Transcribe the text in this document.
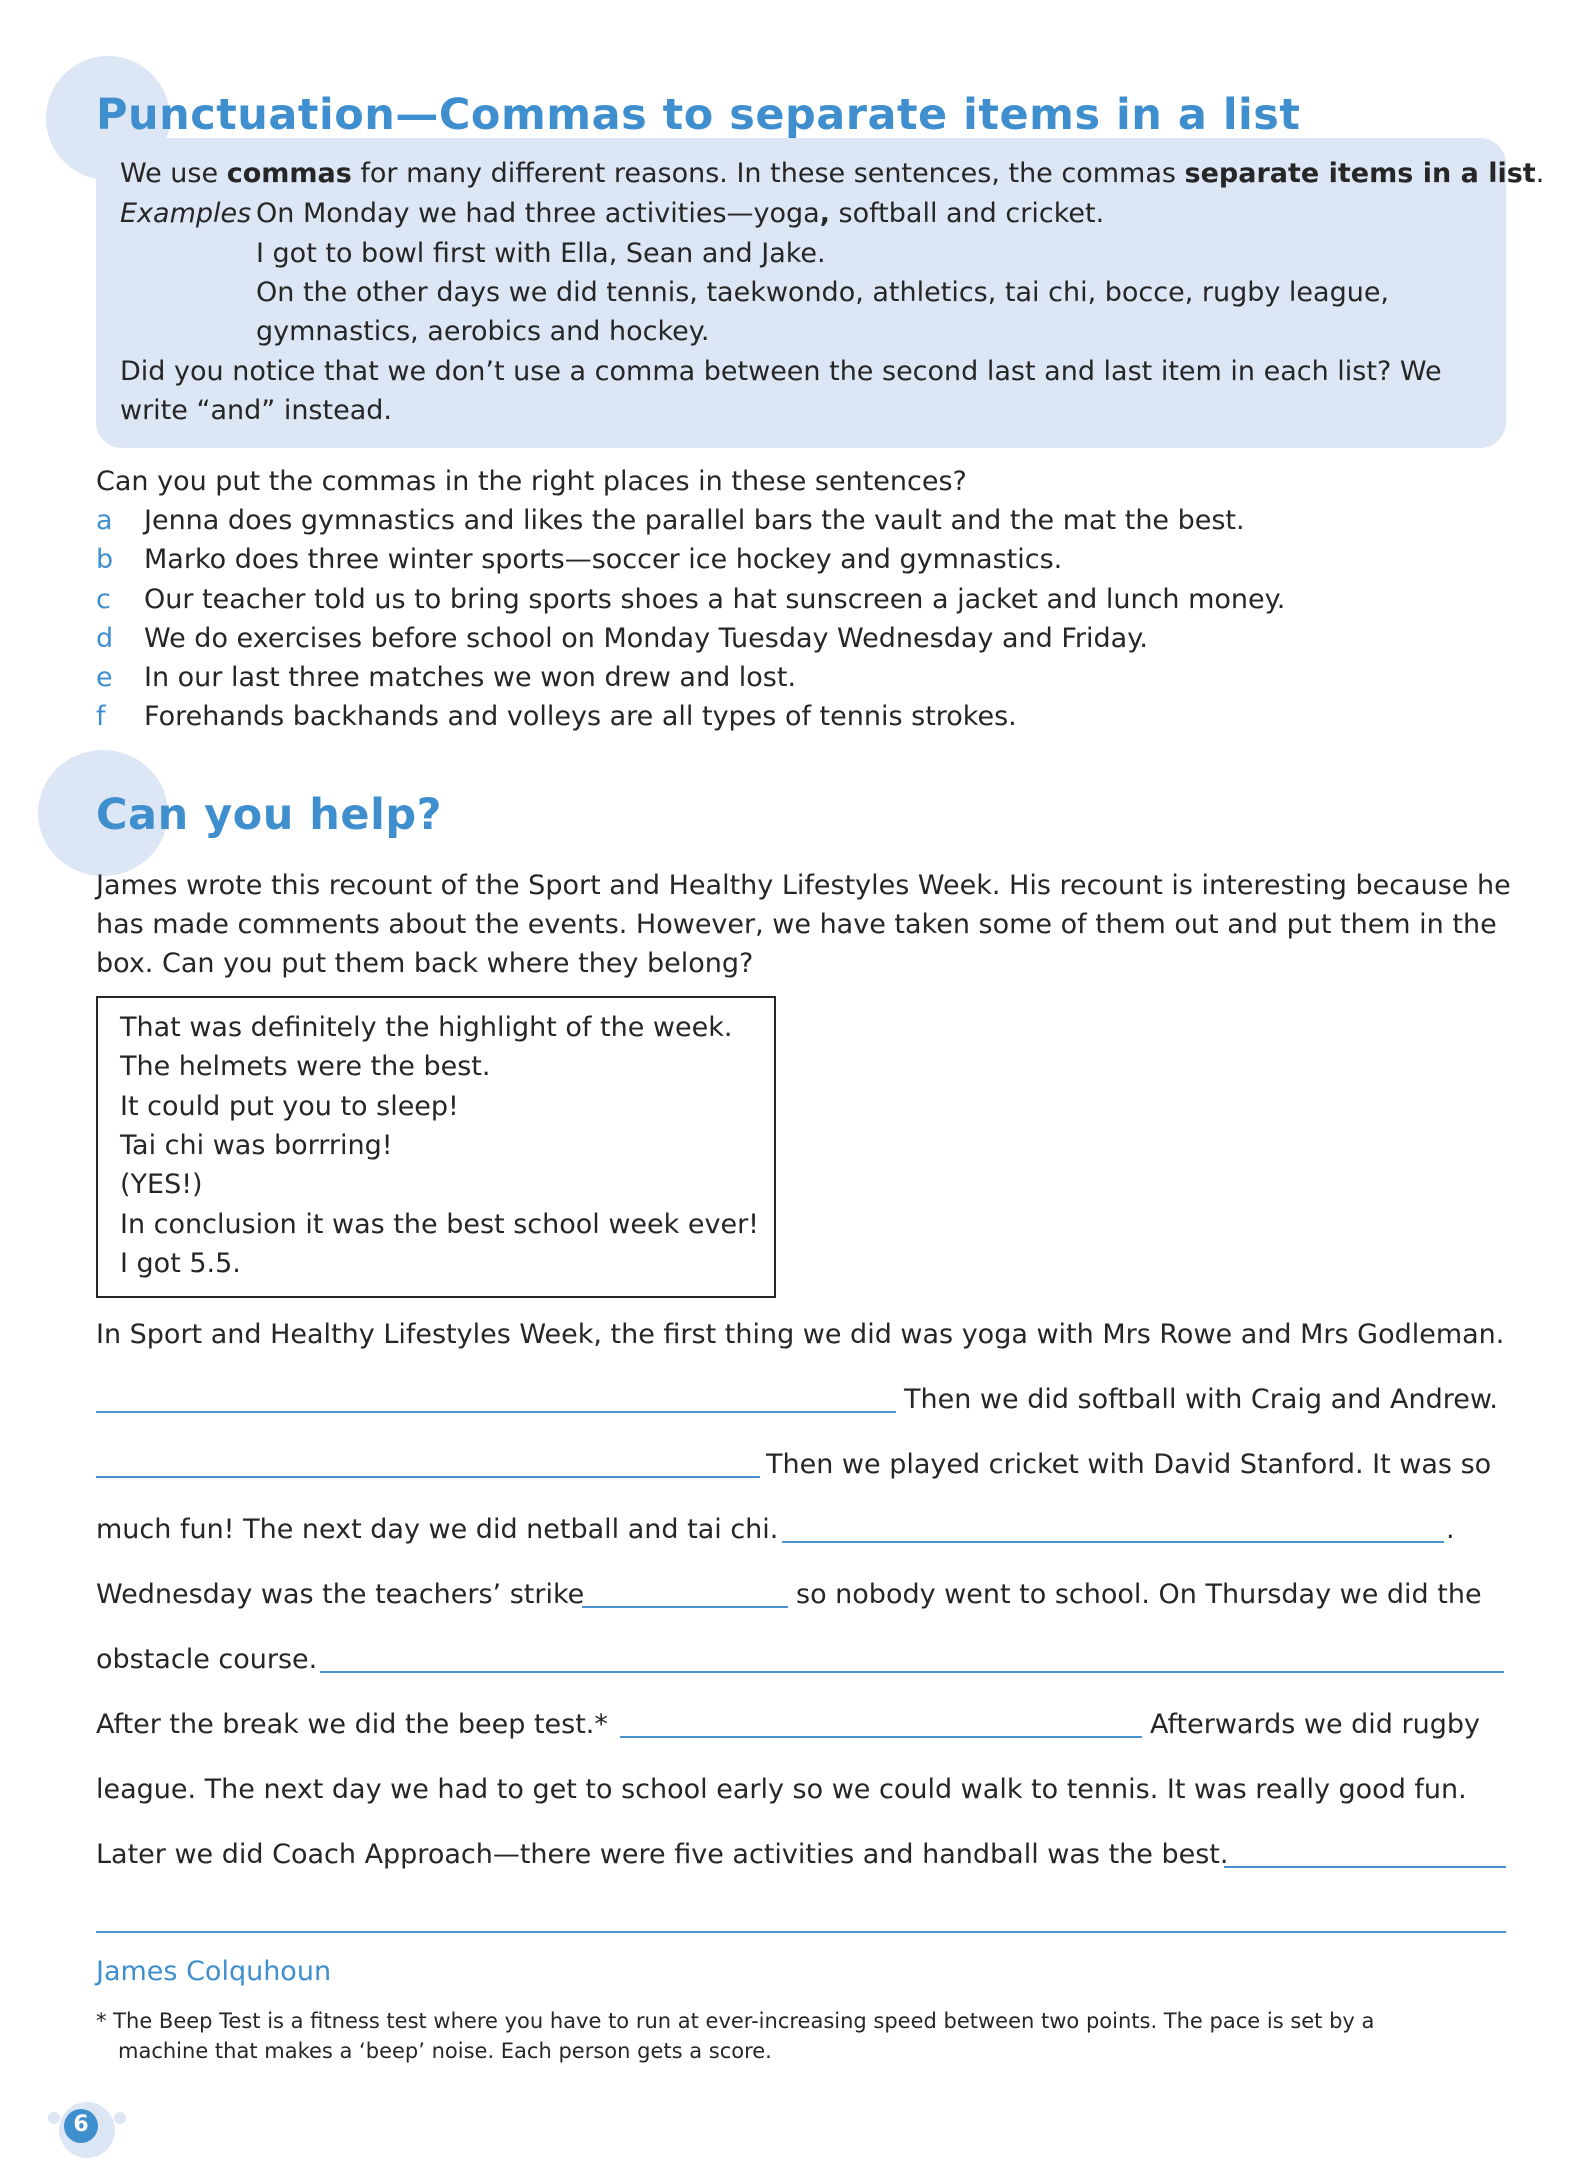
Punctuation—Commas to separate items in a list
We use commas for many different reasons. In these sentences, the commas separate items in a list.
Examples On Monday we had three activities—yoga, softball and cricket.
I got to bowl first with Ella, Sean and Jake.
On the other days we did tennis, taekwondo, athletics, tai chi, bocce, rugby league,
gymnastics, aerobics and hockey.
Did you notice that we don’t use a comma between the second last and last item in each list? We
write “and” instead.
Can you put the commas in the right places in these sentences?
a Jenna does gymnastics and likes the parallel bars the vault and the mat the best.
b Marko does three winter sports—soccer ice hockey and gymnastics.
c Our teacher told us to bring sports shoes a hat sunscreen a jacket and lunch money.
d We do exercises before school on Monday Tuesday Wednesday and Friday.
e In our last three matches we won drew and lost.
f Forehands backhands and volleys are all types of tennis strokes.
Can you help?
James wrote this recount of the Sport and Healthy Lifestyles Week. His recount is interesting because he
has made comments about the events. However, we have taken some of them out and put them in the
box. Can you put them back where they belong?
That was definitely the highlight of the week.
The helmets were the best.
It could put you to sleep!
Tai chi was borrring!
(YES!)
In conclusion it was the best school week ever!
I got 5.5.
In Sport and Healthy Lifestyles Week, the first thing we did was yoga with Mrs Rowe and Mrs Godleman.
Then we did softball with Craig and Andrew.
Then we played cricket with David Stanford. It was so
much fun! The next day we did netball and tai chi.	.
Wednesday was the teachers’ strike	so nobody went to school. On Thursday we did the
obstacle course.
After the break we did the beep test.*	Afterwards we did rugby
league. The next day we had to get to school early so we could walk to tennis. It was really good fun.
Later we did Coach Approach—there were five activities and handball was the best.
James Colquhoun
* The Beep Test is a fitness test where you have to run at ever-increasing speed between two points. The pace is set by a
machine that makes a ‘beep’ noise. Each person gets a score.
6
